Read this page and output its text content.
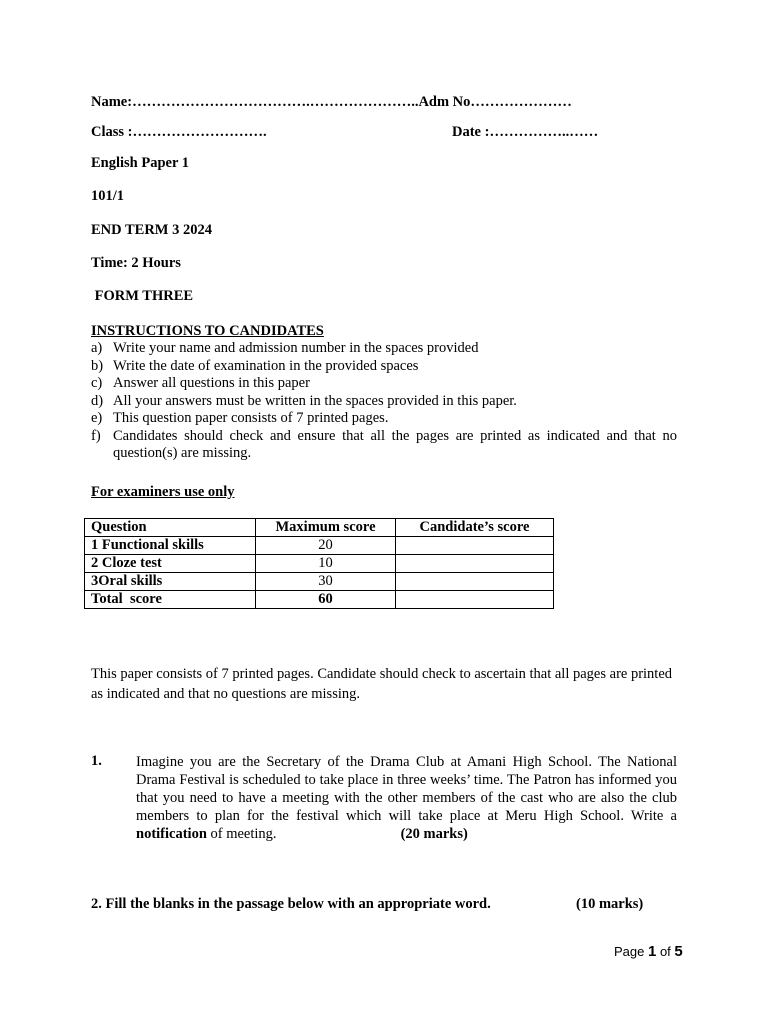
Name:……………………………….…………………..Adm No…………………
Class :……………………….	Date :……………..……
English Paper 1
101/1
END TERM 3 2024
Time: 2 Hours
FORM THREE
INSTRUCTIONS TO CANDIDATES
a) Write your name and admission number in the spaces provided
b) Write the date of examination in the provided spaces
c) Answer all questions in this paper
d) All your answers must be written in the spaces provided in this paper.
e) This question paper consists of 7 printed pages.
f) Candidates should check and ensure that all the pages are printed as indicated and that no question(s) are missing.
For examiners use only
Question	Maximum score	Candidate’s score
1 Functional skills	20	
2 Cloze test	10	
3Oral skills	30	
Total  score	60	
This paper consists of 7 printed pages. Candidate should check to ascertain that all pages are printed as indicated and that no questions are missing.
1. Imagine you are the Secretary of the Drama Club at Amani High School. The National Drama Festival is scheduled to take place in three weeks’ time. The Patron has informed you that you need to have a meeting with the other members of the cast who are also the club members to plan for the festival which will take place at Meru High School. Write a notification of meeting.	(20 marks)
2. Fill the blanks in the passage below with an appropriate word.	(10 marks)
Page 1 of 5
